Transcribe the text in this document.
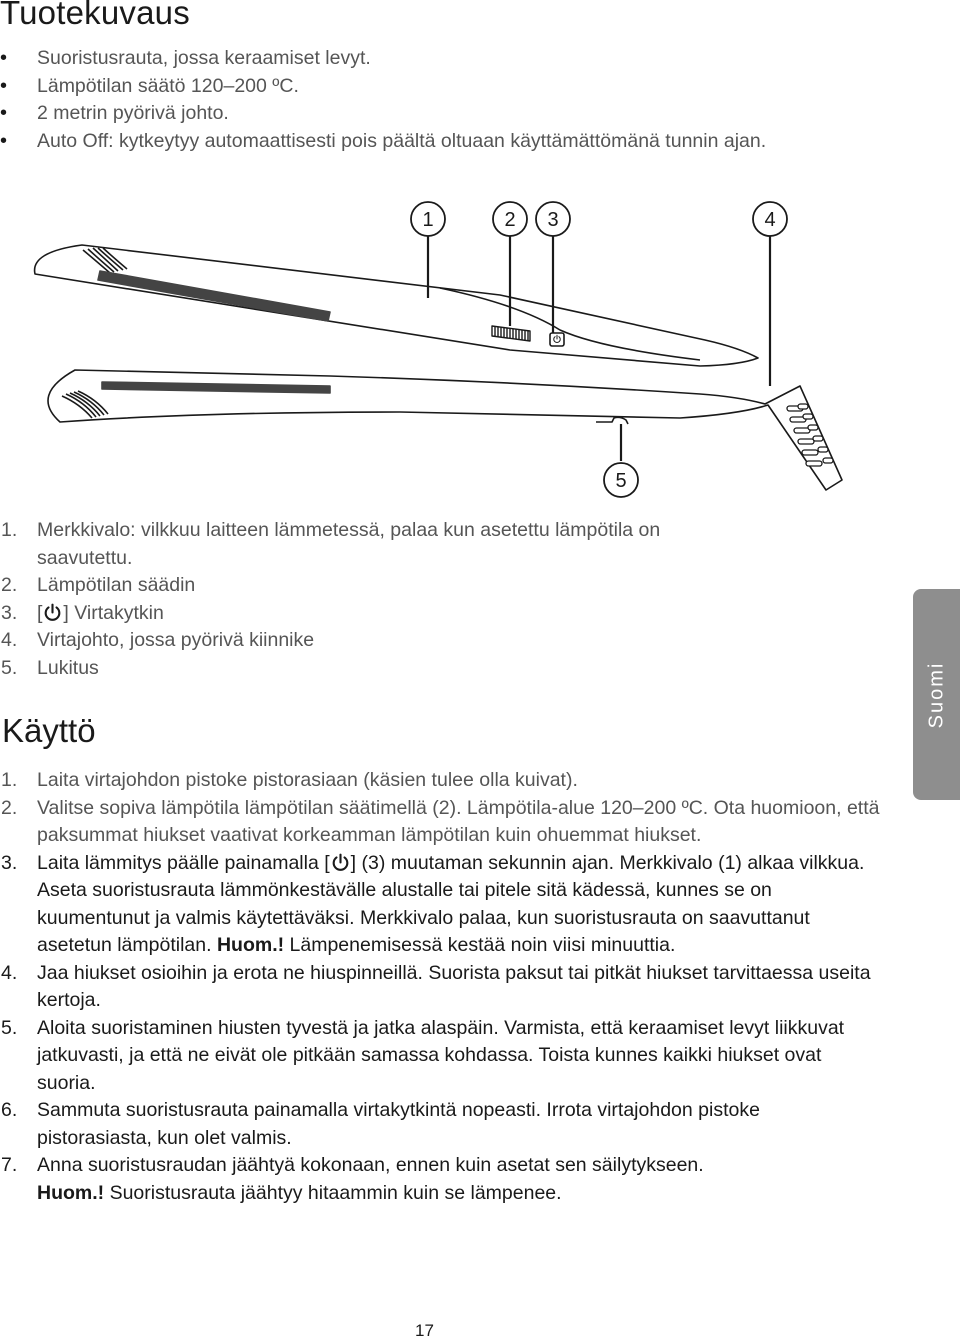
Tuotekuvaus
• Suoristusrauta, jossa keraamiset levyt.
• Lämpötilan säätö 120–200 ºC.
• 2 metrin pyörivä johto.
• Auto Off: kytkeytyy automaattisesti pois päältä oltuaan käyttämättömänä tunnin ajan.
1	2 3	4
5
1. Merkkivalo: vilkkuu laitteen lämmetessä, palaa kun asetettu lämpötila on saavutettu.
2. Lämpötilan säädin
3. [ ] Virtakytkin
4. Virtajohto, jossa pyörivä kiinnike
5. Lukitus
Käyttö
Suomi
1. Laita virtajohdon pistoke pistorasiaan (käsien tulee olla kuivat).
2. Valitse sopiva lämpötila lämpötilan säätimellä (2). Lämpötila-alue 120–200 ºC. Ota huomioon, että paksummat hiukset vaativat korkeamman lämpötilan kuin ohuemmat hiukset.
3. Laita lämmitys päälle painamalla [ ] (3) muutaman sekunnin ajan. Merkkivalo (1) alkaa vilkkua. Aseta suoristusrauta lämmönkestävälle alustalle tai pitele sitä kädessä, kunnes se on kuumentunut ja valmis käytettäväksi. Merkkivalo palaa, kun suoristusrauta on saavuttanut asetetun lämpötilan. Huom.! Lämpenemisessä kestää noin viisi minuuttia.
4. Jaa hiukset osioihin ja erota ne hiuspinneillä. Suorista paksut tai pitkät hiukset tarvittaessa useita kertoja.
5. Aloita suoristaminen hiusten tyvestä ja jatka alaspäin. Varmista, että keraamiset levyt liikkuvat jatkuvasti, ja että ne eivät ole pitkään samassa kohdassa. Toista kunnes kaikki hiukset ovat suoria.
6. Sammuta suoristusrauta painamalla virtakytkintä nopeasti. Irrota virtajohdon pistoke pistorasiasta, kun olet valmis.
7. Anna suoristusraudan jäähtyä kokonaan, ennen kuin asetat sen säilytykseen.
Huom.! Suoristusrauta jäähtyy hitaammin kuin se lämpenee.
17
